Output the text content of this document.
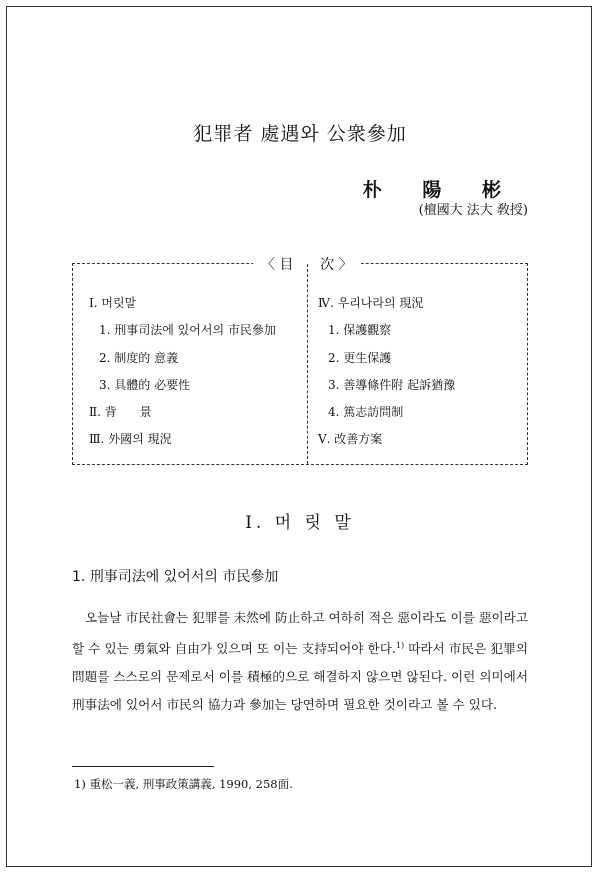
犯罪者 處遇와 公衆參加
朴 陽 彬
(檀國大 法大 敎授)
〈 目      次 〉
Ⅰ. 머릿말
1. 刑事司法에 있어서의 市民參加
2. 制度的 意義
3. 具體的 必要性
Ⅱ. 背      景
Ⅲ. 外國의 現況
Ⅳ. 우리나라의 現況
1. 保護觀察
2. 更生保護
3. 善導條件附 起訴猶豫
4. 篤志訪問制
Ⅴ. 改善方案
Ⅰ. 머 릿 말
1. 刑事司法에 있어서의 市民參加

오늘날 市民社會는 犯罪를 未然에 防止하고 여하히 적은 惡이라도 이를 惡이라고 할 수 있는 勇氣와 自由가 있으며 또 이는 支持되어야 한다.$^{1)}$ 따라서 市民은 犯罪의 問題를 스스로의 문제로서 이를 積極的으로 해결하지 않으면 않된다. 이런 의미에서 刑事法에 있어서 市民의 協力과 參加는 당연하며 필요한 것이라고 볼 수 있다.

1) 重松一義, 刑事政策講義, 1990, 258面.
